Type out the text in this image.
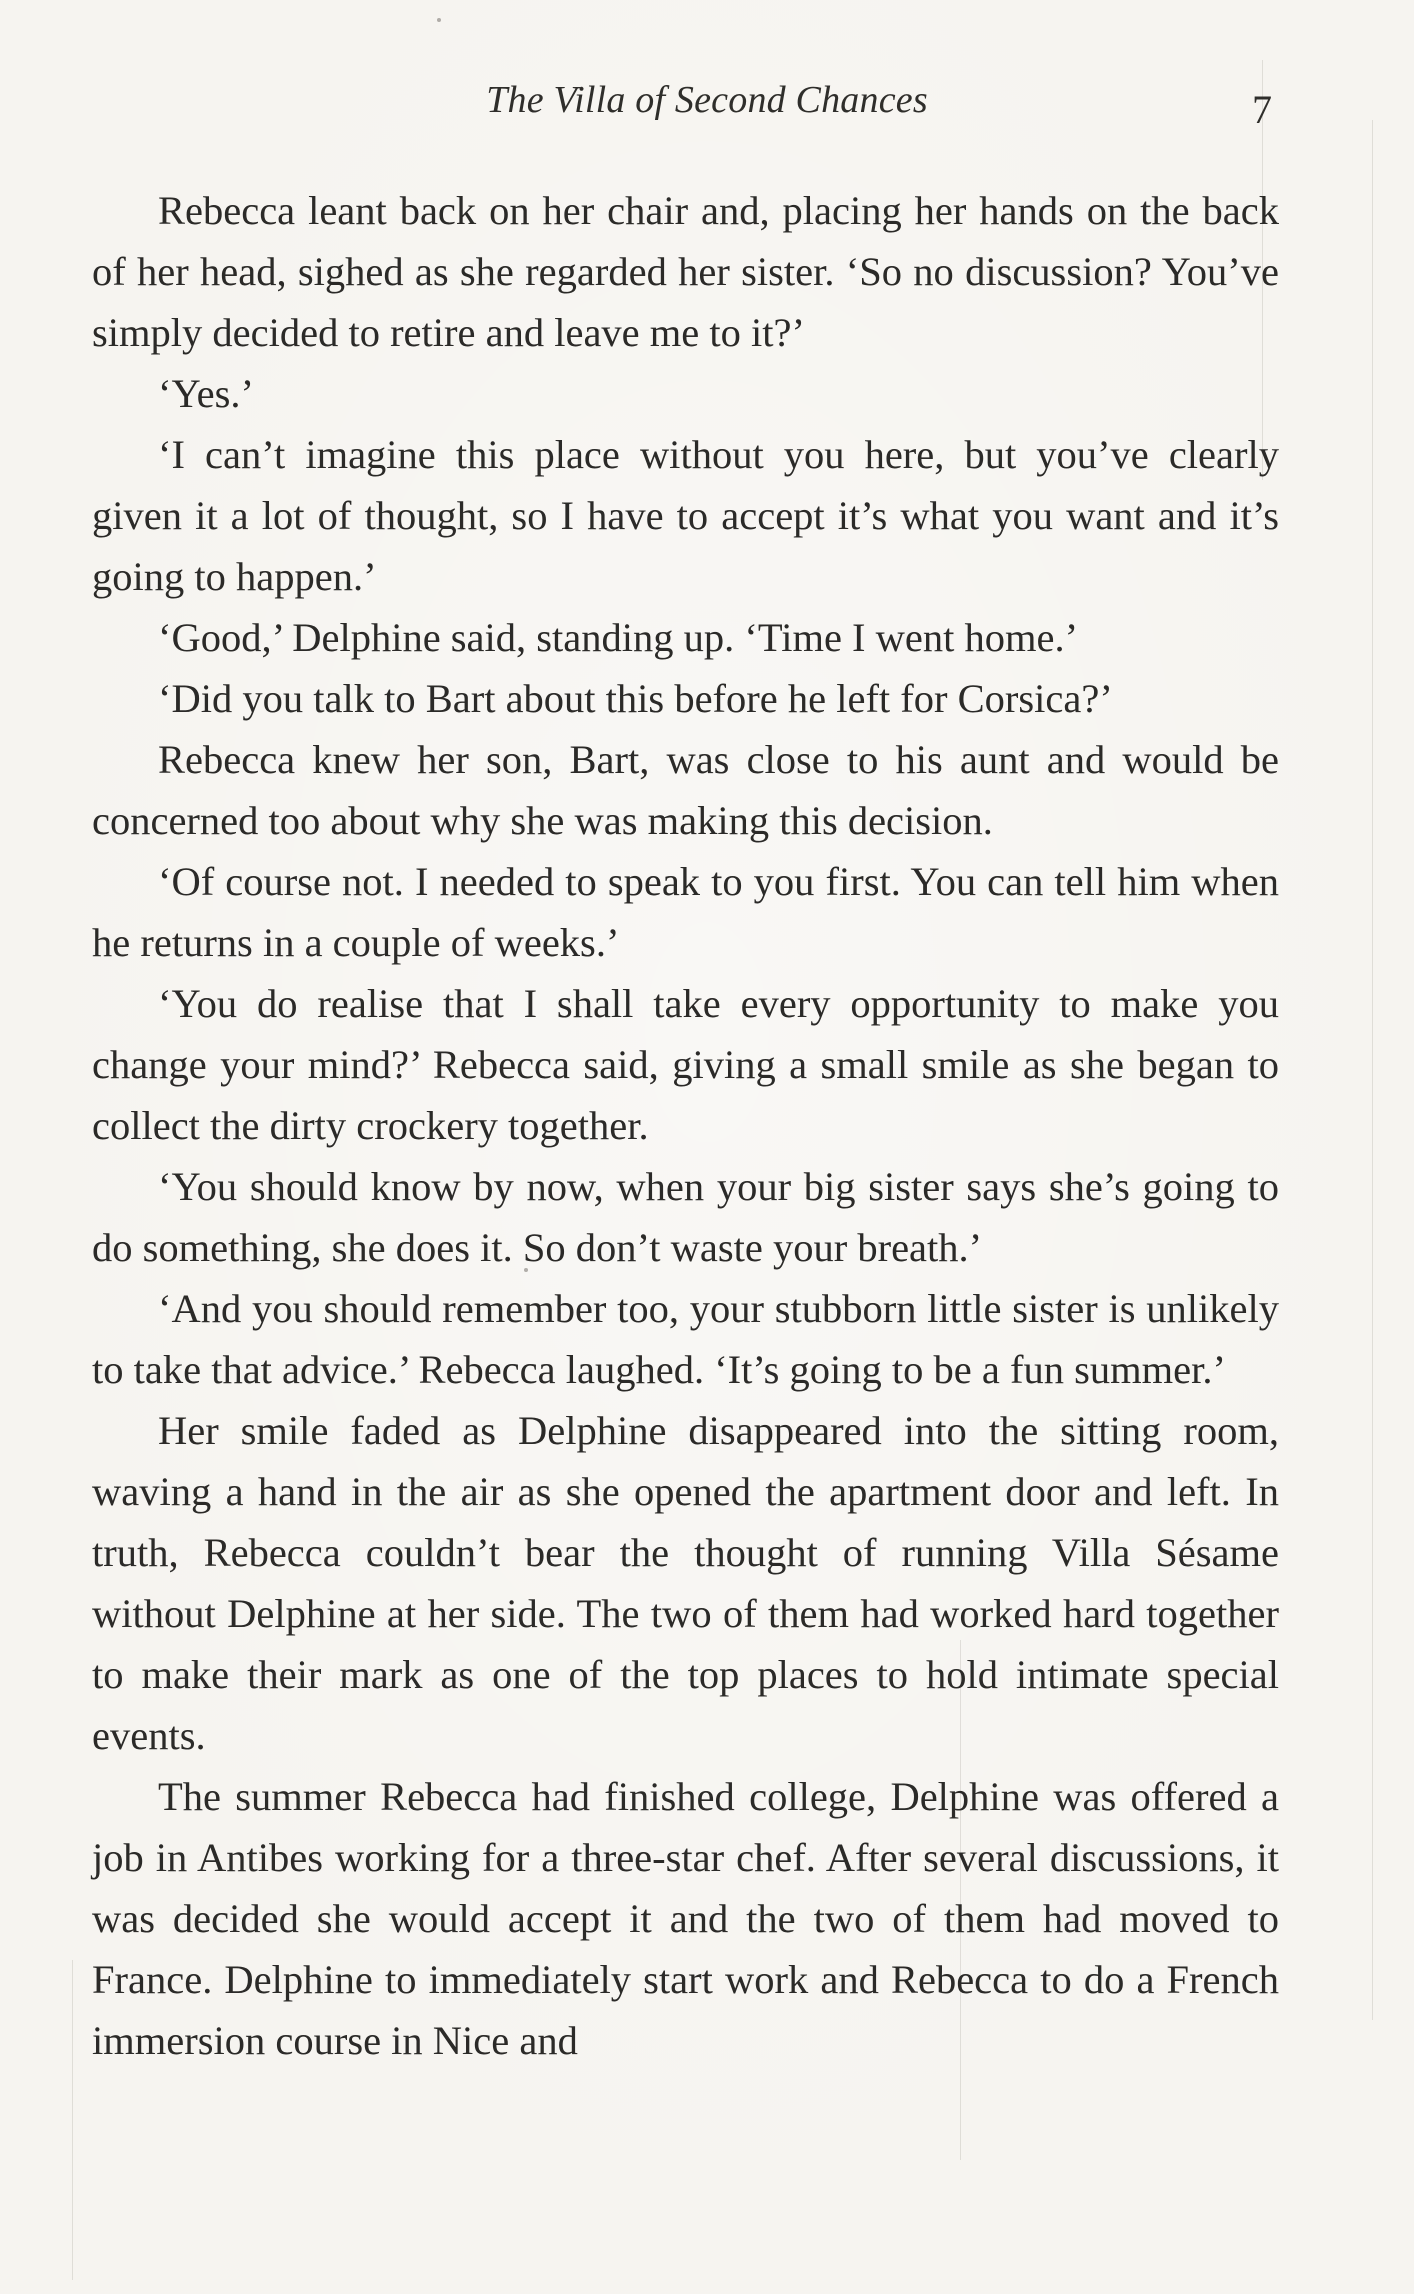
The Villa of Second Chances	7

Rebecca leant back on her chair and, placing her hands on the back of her head, sighed as she regarded her sister. ‘So no discussion? You’ve simply decided to retire and leave me to it?’

‘Yes.’

‘I can’t imagine this place without you here, but you’ve clearly given it a lot of thought, so I have to accept it’s what you want and it’s going to happen.’

‘Good,’ Delphine said, standing up. ‘Time I went home.’

‘Did you talk to Bart about this before he left for Corsica?’

Rebecca knew her son, Bart, was close to his aunt and would be concerned too about why she was making this decision.

‘Of course not. I needed to speak to you first. You can tell him when he returns in a couple of weeks.’

‘You do realise that I shall take every opportunity to make you change your mind?’ Rebecca said, giving a small smile as she began to collect the dirty crockery together.

‘You should know by now, when your big sister says she’s going to do something, she does it. So don’t waste your breath.’

‘And you should remember too, your stubborn little sister is unlikely to take that advice.’ Rebecca laughed. ‘It’s going to be a fun summer.’

Her smile faded as Delphine disappeared into the sitting room, waving a hand in the air as she opened the apartment door and left. In truth, Rebecca couldn’t bear the thought of running Villa Sésame without Delphine at her side. The two of them had worked hard together to make their mark as one of the top places to hold intimate special events.

The summer Rebecca had finished college, Delphine was offered a job in Antibes working for a three-star chef. After several discussions, it was decided she would accept it and the two of them had moved to France. Delphine to immediately start work and Rebecca to do a French immersion course in Nice and
